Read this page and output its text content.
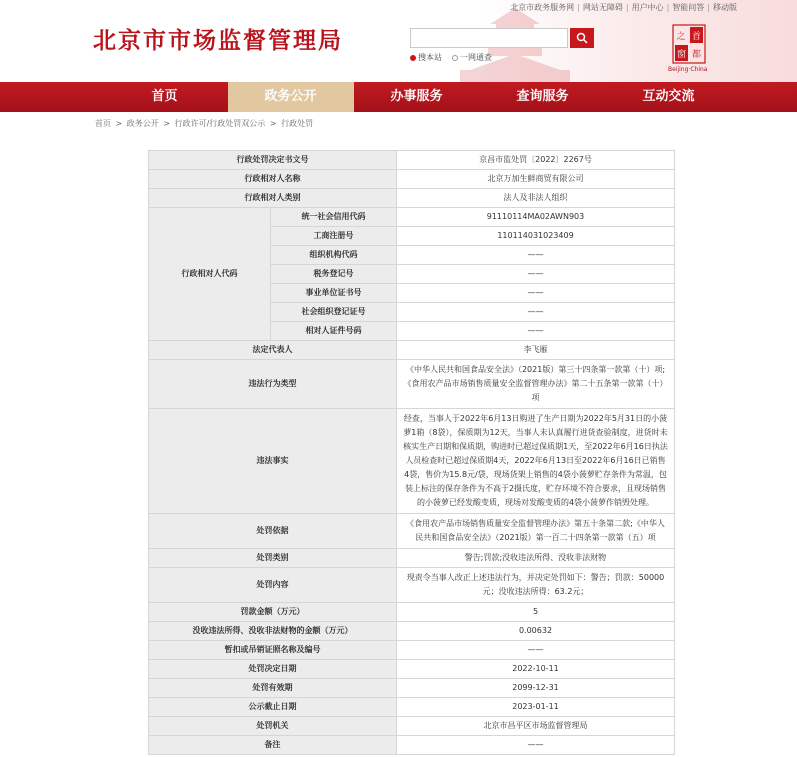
北京市政务服务网 | 网站无障碍 | 用户中心 | 智能问答 | 移动版
北京市市场监督管理局
搜本站 一网通查
首
之
窗 都
Beijing·China
首页	政务公开	办事服务	查询服务	互动交流
首页 > 政务公开 > 行政许可/行政处罚双公示 > 行政处罚
行政处罚决定书文号		京昌市监处罚〔2022〕2267号
行政相对人名称		北京万加生鲜商贸有限公司
行政相对人类别		法人及非法人组织
行政相对人代码	统一社会信用代码	91110114MA02AWN903
	工商注册号	110114031023409
	组织机构代码	——
	税务登记号	——
	事业单位证书号	——
	社会组织登记证号	——
	相对人证件号码	——
法定代表人		李飞雁
违法行为类型		《中华人民共和国食品安全法》（2021版）第三十四条第一款第（十）项;《食用农产品市场销售质量安全监督管理办法》第二十五条第一款第（十）项
违法事实		经查，当事人于2022年6月13日购进了生产日期为2022年5月31日的小菠萝1箱（8袋），保质期为12天，当事人未认真履行进货查验制度，进货时未核实生产日期和保质期，购进时已超过保质期1天，至2022年6月16日执法人员检查时已超过保质期4天，2022年6月13日至2022年6月16日已销售4袋，售价为15.8元/袋，现场货架上销售的4袋小菠萝贮存条件为常温，包装上标注的保存条件为不高于2摄氏度，贮存环境不符合要求，且现场销售的小菠萝已经发酸变质，现场对发酸变质的4袋小菠萝作销毁处理。
处罚依据		《食用农产品市场销售质量安全监督管理办法》第五十条第二款;《中华人民共和国食品安全法》（2021版）第一百二十四条第一款第（五）项
处罚类别		警告;罚款;没收违法所得、没收非法财物
处罚内容		现责令当事人改正上述违法行为，并决定处罚如下：警告；罚款：50000元；没收违法所得：63.2元；
罚款金额（万元）		5
没收违法所得、没收非法财物的金额（万元）		0.00632
暂扣或吊销证照名称及编号		——
处罚决定日期		2022-10-11
处罚有效期		2099-12-31
公示截止日期		2023-01-11
处罚机关		北京市昌平区市场监督管理局
备注		——
